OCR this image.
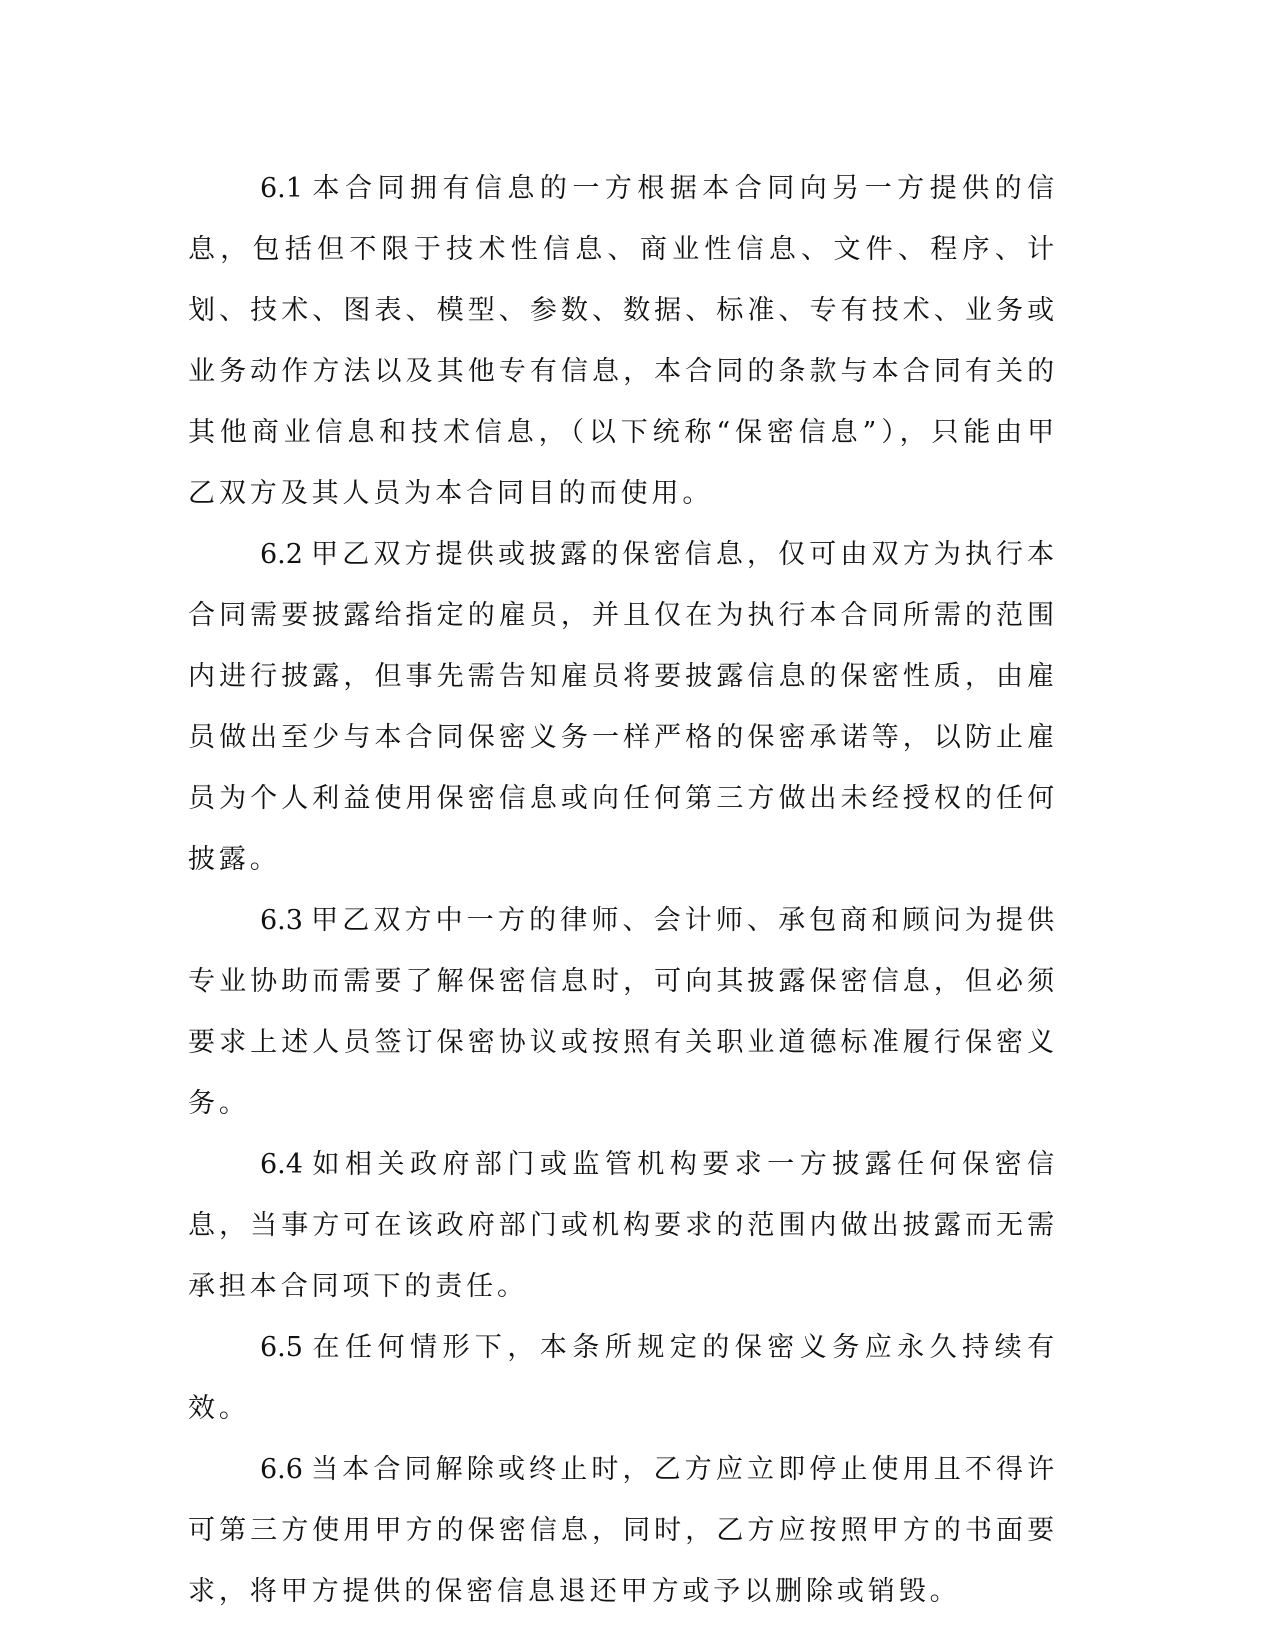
6.1 本合同拥有信息的一方根据本合同向另一方提供的信息，包括但不限于技术性信息、商业性信息、文件、程序、计划、技术、图表、模型、参数、数据、标准、专有技术、业务或业务动作方法以及其他专有信息，本合同的条款与本合同有关的其他商业信息和技术信息，（以下统称“保密信息”），只能由甲乙双方及其人员为本合同目的而使用。

6.2 甲乙双方提供或披露的保密信息，仅可由双方为执行本合同需要披露给指定的雇员，并且仅在为执行本合同所需的范围内进行披露，但事先需告知雇员将要披露信息的保密性质，由雇员做出至少与本合同保密义务一样严格的保密承诺等，以防止雇员为个人利益使用保密信息或向任何第三方做出未经授权的任何披露。

6.3 甲乙双方中一方的律师、会计师、承包商和顾问为提供专业协助而需要了解保密信息时，可向其披露保密信息，但必须要求上述人员签订保密协议或按照有关职业道德标准履行保密义务。

6.4 如相关政府部门或监管机构要求一方披露任何保密信息，当事方可在该政府部门或机构要求的范围内做出披露而无需承担本合同项下的责任。

6.5 在任何情形下，本条所规定的保密义务应永久持续有效。

6.6 当本合同解除或终止时，乙方应立即停止使用且不得许可第三方使用甲方的保密信息，同时，乙方应按照甲方的书面要求，将甲方提供的保密信息退还甲方或予以删除或销毁。
